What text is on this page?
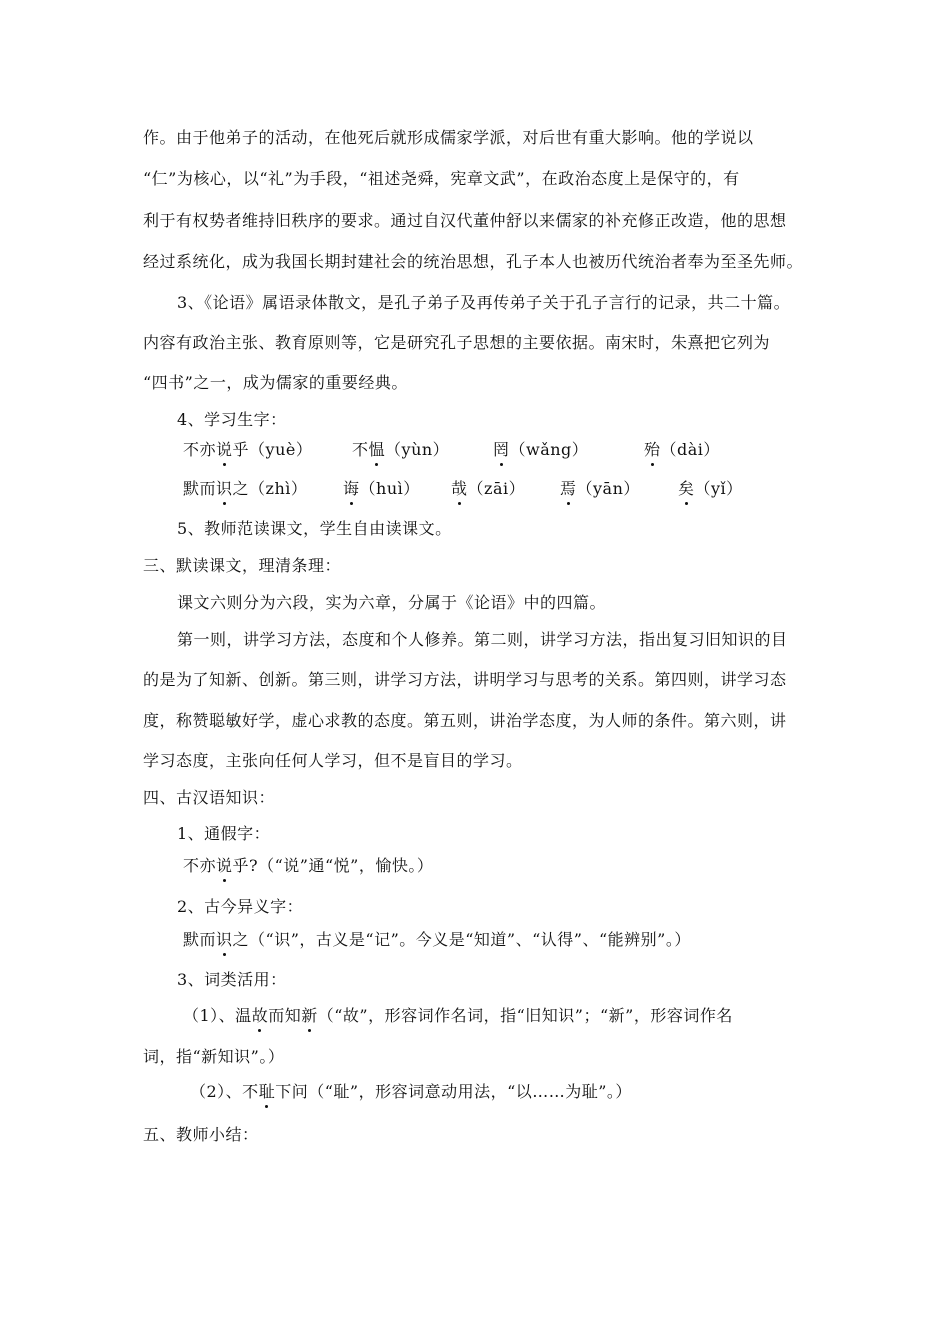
作。由于他弟子的活动，在他死后就形成儒家学派，对后世有重大影响。他的学说以
“仁”为核心，以“礼”为手段，“祖述尧舜，宪章文武”，在政治态度上是保守的，有
利于有权势者维持旧秩序的要求。通过自汉代董仲舒以来儒家的补充修正改造，他的思想
经过系统化，成为我国长期封建社会的统治思想，孔子本人也被历代统治者奉为至圣先师。
3、《论语》属语录体散文，是孔子弟子及再传弟子关于孔子言行的记录，共二十篇。
内容有政治主张、教育原则等，它是研究孔子思想的主要依据。南宋时，朱熹把它列为
“四书”之一，成为儒家的重要经典。
4、学习生字：
不亦说乎（yuè） 不愠（yùn）	罔（wǎng）	殆（dài）
默而识之（zhì） 诲（huì） 哉（zāi） 焉（yān） 矣（yǐ）
5、教师范读课文，学生自由读课文。
三、默读课文，理清条理：
课文六则分为六段，实为六章，分属于《论语》中的四篇。
第一则，讲学习方法，态度和个人修养。第二则，讲学习方法，指出复习旧知识的目
的是为了知新、创新。第三则，讲学习方法，讲明学习与思考的关系。第四则，讲学习态
度，称赞聪敏好学，虚心求教的态度。第五则，讲治学态度，为人师的条件。第六则，讲
学习态度，主张向任何人学习，但不是盲目的学习。
四、古汉语知识：
1、通假字：
不亦说乎?（“说”通“悦”，愉快。）
2、古今异义字：
默而识之（“识”，古义是“记”。今义是“知道”、“认得”、“能辨别”。）
3、词类活用：
（1）、温故而知新（“故”，形容词作名词，指“旧知识”；“新”，形容词作名
词，指“新知识”。）
（2）、不耻下问（“耻”，形容词意动用法，“以……为耻”。）
五、教师小结：
